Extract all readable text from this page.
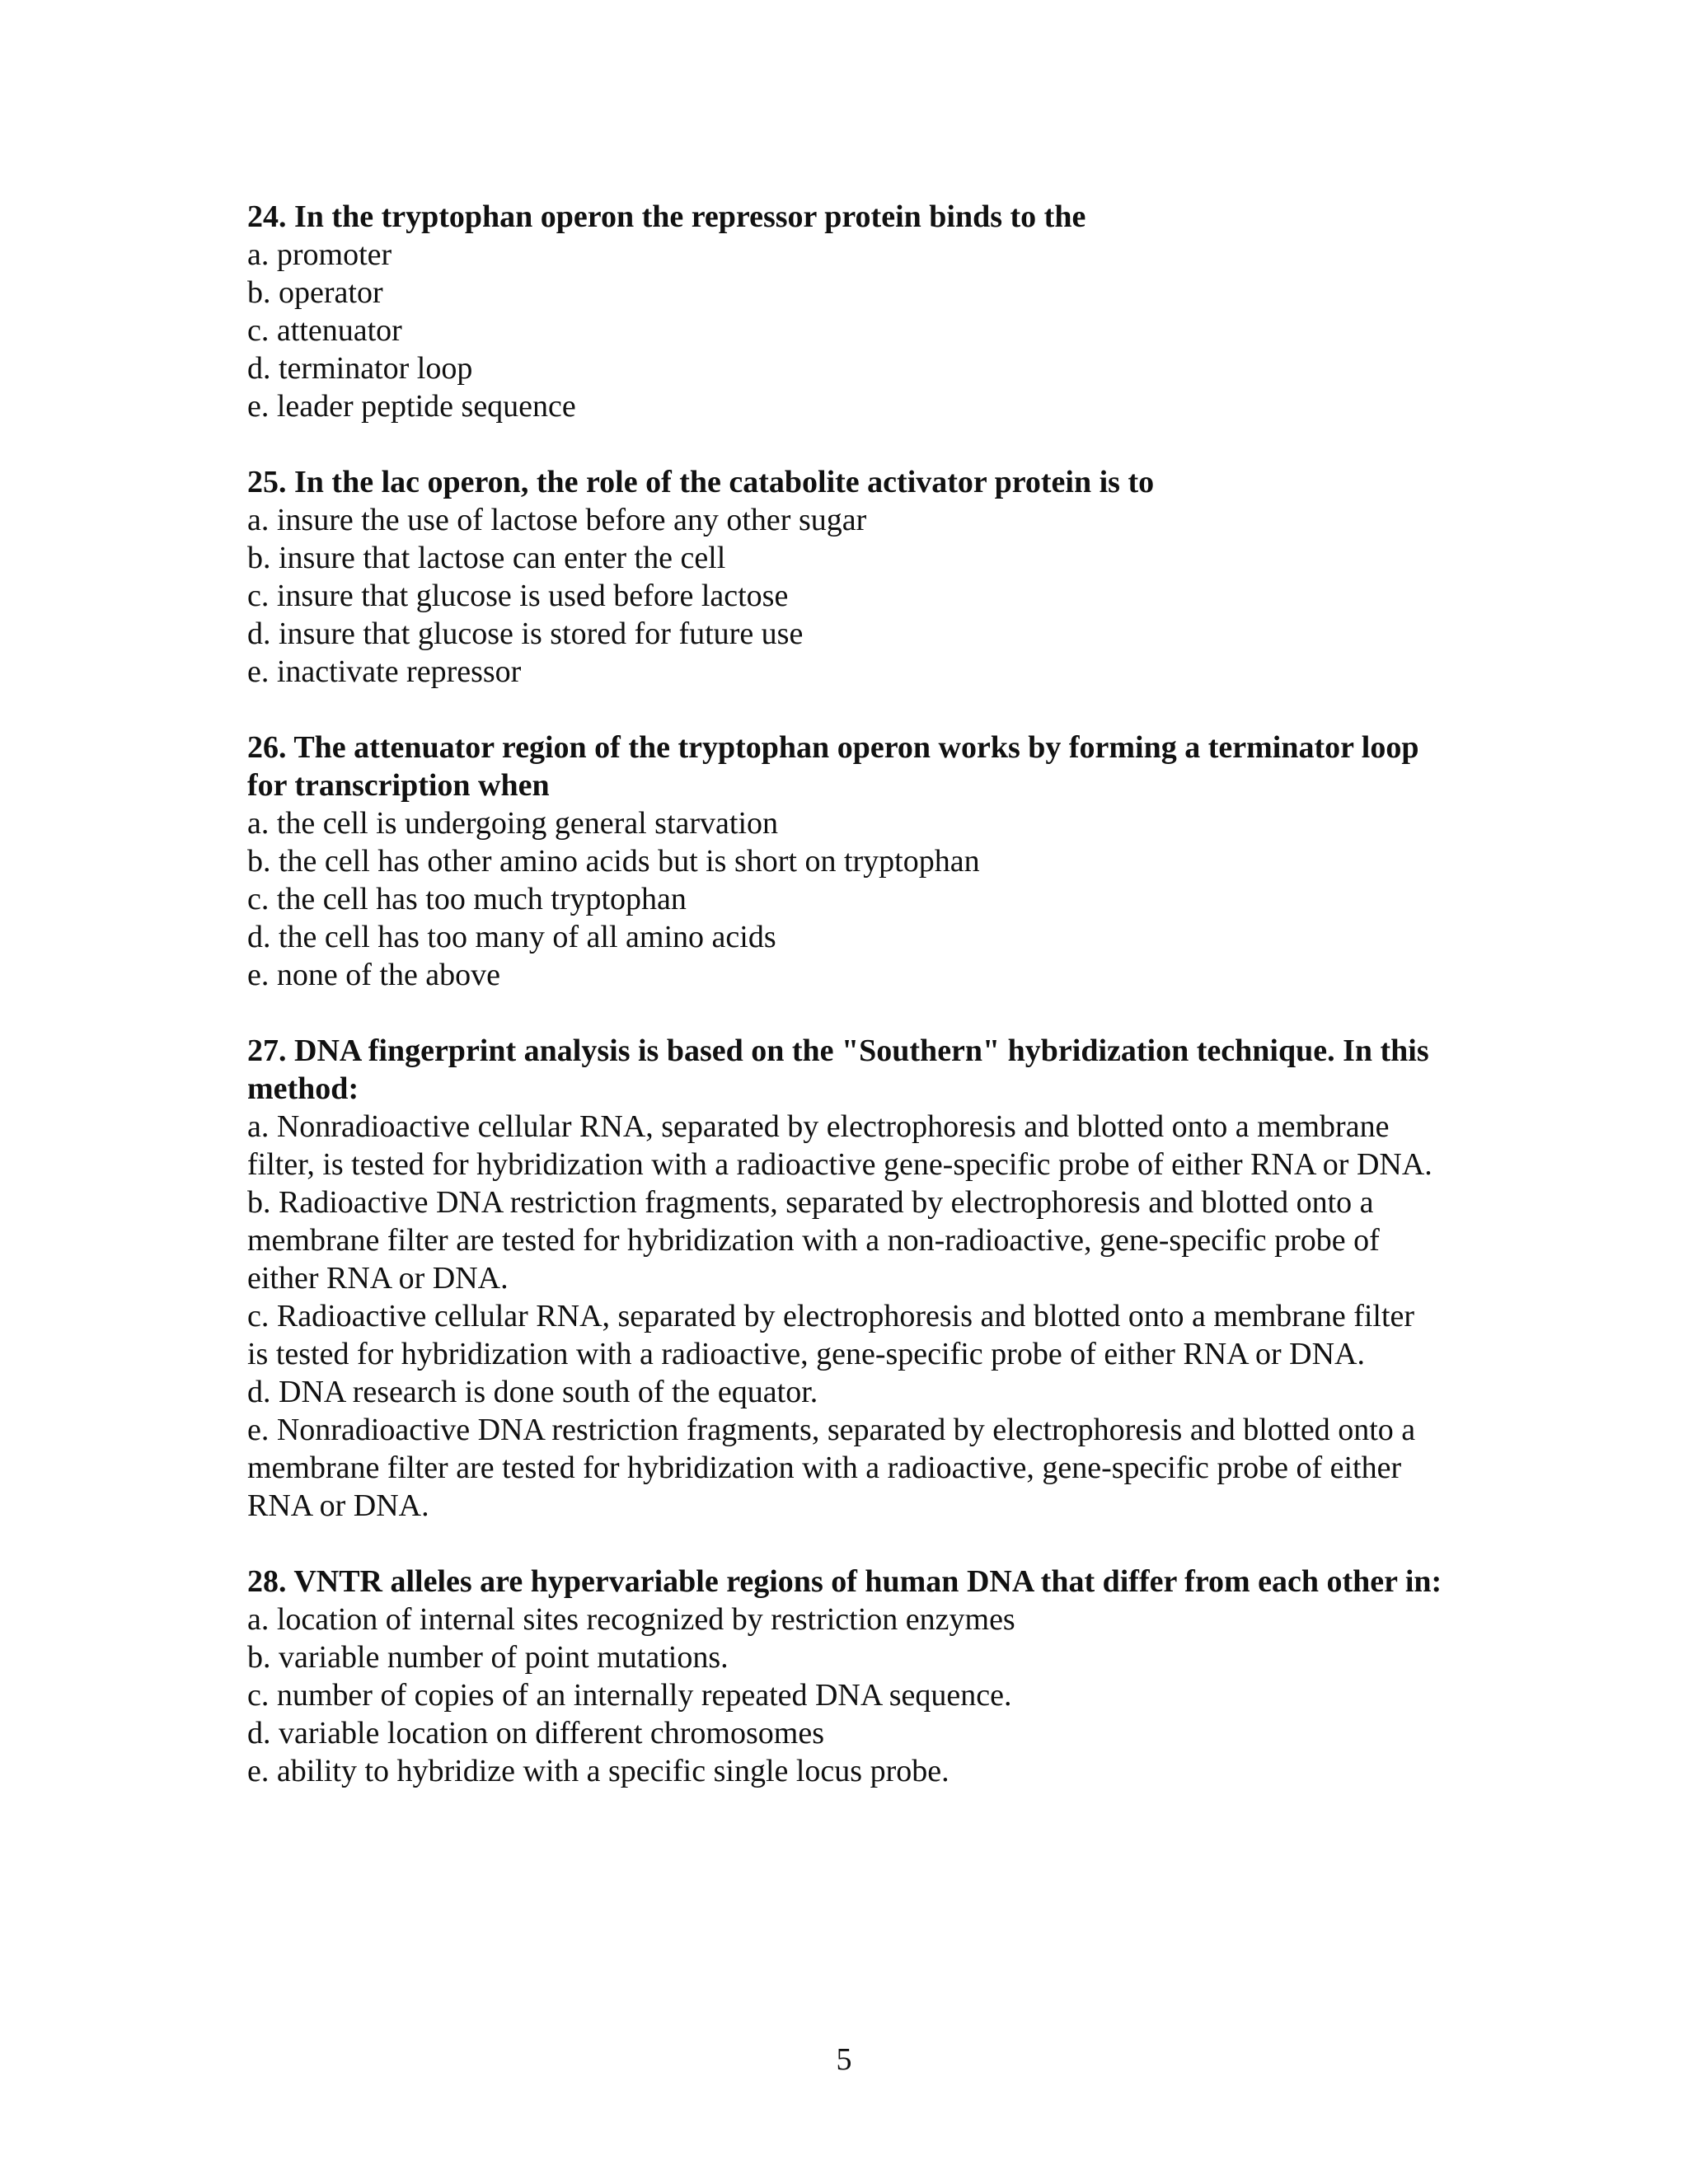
24. In the tryptophan operon the repressor protein binds to the

a. promoter
b. operator
c. attenuator
d. terminator loop
e. leader peptide sequence

25. In the lac operon, the role of the catabolite activator protein is to

a. insure the use of lactose before any other sugar
b. insure that lactose can enter the cell
c. insure that glucose is used before lactose
d. insure that glucose is stored for future use
e. inactivate repressor

26. The attenuator region of the tryptophan operon works by forming a terminator loop for transcription when

a. the cell is undergoing general starvation
b. the cell has other amino acids but is short on tryptophan
c. the cell has too much tryptophan
d. the cell has too many of all amino acids
e. none of the above

27. DNA fingerprint analysis is based on the "Southern" hybridization technique. In this method:

a. Nonradioactive cellular RNA, separated by electrophoresis and blotted onto a membrane filter, is tested for hybridization with a radioactive gene-specific probe of either RNA or DNA.
b. Radioactive DNA restriction fragments, separated by electrophoresis and blotted onto a membrane filter are tested for hybridization with a non-radioactive, gene-specific probe of either RNA or DNA.
c. Radioactive cellular RNA, separated by electrophoresis and blotted onto a membrane filter is tested for hybridization with a radioactive, gene-specific probe of either RNA or DNA.
d. DNA research is done south of the equator.
e. Nonradioactive DNA restriction fragments, separated by electrophoresis and blotted onto a membrane filter are tested for hybridization with a radioactive, gene-specific probe of either RNA or DNA.

28. VNTR alleles are hypervariable regions of human DNA that differ from each other in:

a. location of internal sites recognized by restriction enzymes
b. variable number of point mutations.
c. number of copies of an internally repeated DNA sequence.
d. variable location on different chromosomes
e. ability to hybridize with a specific single locus probe.
5
